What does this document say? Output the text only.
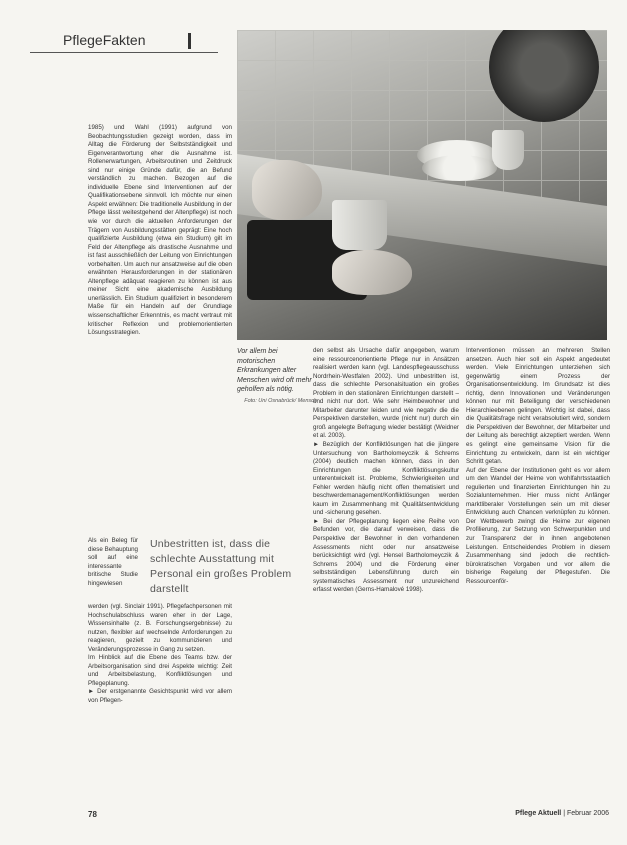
PflegeFakten
Vor allem bei motorischen Erkrankungen alter Menschen wird oft mehr geholfen als nötig.
Foto: Uni Osnabrück/ Mensch

1985) und Wahl (1991) aufgrund von Beobachtungsstudien gezeigt worden, dass im Alltag die Förderung der Selbstständigkeit und Eigenverantwortung eher die Ausnahme ist. Rollenerwartungen, Arbeitsroutinen und Zeitdruck sind nur einige Gründe dafür, die an Befund verständlich zu machen. Bezogen auf die individuelle Ebene sind Interventionen auf der Qualifikationsebene sinnvoll. Ich möchte nur einen Aspekt erwähnen: Die traditionelle Ausbildung in der Pflege lässt weitestgehend der Altenpflege) ist noch wie vor durch die aktuellen Anforderungen der Trägern von Ausbildungsstätten geprägt: Eine hoch qualifizierte Ausbildung (etwa ein Studium) gilt im Feld der Altenpflege als drastische Ausnahme und ist fast ausschließlich der Leitung von Einrichtungen vorbehalten. Um auch nur ansatzweise auf die oben erwähnten Herausforderungen in der stationären Altenpflege adäquat reagieren zu können ist aus meiner Sicht eine akademische Ausbildung unerlässlich. Ein Studium qualifiziert in besonderem Maße für ein Handeln auf der Grundlage wissenschaftlicher Erkenntnis, es macht vertraut mit kritischer Reflexion und problemorientierten Lösungsstrategien.

Als ein Beleg für diese Behauptung soll auf eine interessante britische Studie hingewiesen

Unbestritten ist, dass die schlechte Ausstattung mit Personal ein großes Problem darstellt

werden (vgl. Sinclair 1991). Pflegefachpersonen mit Hochschulabschluss waren eher in der Lage, Wissensinhalte (z. B. Forschungsergebnisse) zu nutzen, flexibler auf wechselnde Anforderungen zu reagieren, gezielt zu kommunizieren und Veränderungsprozesse in Gang zu setzen.

Im Hinblick auf die Ebene des Teams bzw. der Arbeitsorganisation sind drei Aspekte wichtig: Zeit und Arbeitsbelastung, Konfliktlösungen und Pflegeplanung.

► Der erstgenannte Gesichtspunkt wird vor allem von Pflegen-

den selbst als Ursache dafür angegeben, warum eine ressourcenorientierte Pflege nur in Ansätzen realisiert werden kann (vgl. Landespflegeausschuss Nordrhein-Westfalen 2002). Und unbestritten ist, dass die schlechte Personalsituation ein großes Problem in den stationären Einrichtungen darstellt – und nicht nur dort. Wie sehr Heimbewohner und Mitarbeiter darunter leiden und wie negativ die die Perspektiven darstellen, wurde (nicht nur) durch ein groß angelegte Befragung wieder bestätigt (Weidner et al. 2003).

► Bezüglich der Konfliktlösungen hat die jüngere Untersuchung von Bartholomeyczik & Schrems (2004) deutlich machen können, dass in den Einrichtungen die Konfliktlösungskultur unterentwickelt ist. Probleme, Schwierigkeiten und Fehler werden häufig nicht offen thematisiert und beschwerdemanagement/Konfliktlösungen werden kaum im Zusammenhang mit Qualitätsentwicklung und -sicherung gesehen.

► Bei der Pflegeplanung liegen eine Reihe von Befunden vor, die darauf verweisen, dass die Perspektive der Bewohner in den vorhandenen Assessments nicht oder nur ansatzweise berücksichtigt wird (vgl. Hensel Bartholomeyczik & Schrems 2004) und die Förderung einer selbstständigen Lebensführung durch ein systematisches Assessment nur unzureichend erfasst werden (Gerns-Hamalové 1998).

Interventionen müssen an mehreren Stellen ansetzen. Auch hier soll ein Aspekt angedeutet werden. Viele Einrichtungen unterziehen sich gegenwärtig einem Prozess der Organisationsentwicklung. Im Grundsatz ist dies richtig, denn Innovationen und Veränderungen können nur mit Beteiligung der verschiedenen Hierarchieebenen gelingen. Wichtig ist dabei, dass die Qualitätsfrage nicht verabsolutiert wird, sondern die Perspektiven der Bewohner, der Mitarbeiter und der Leitung als berechtigt akzeptiert werden. Wenn es gelingt eine gemeinsame Vision für die Einrichtung zu entwickeln, dann ist ein wichtiger Schritt getan.

Auf der Ebene der Institutionen geht es vor allem um den Wandel der Heime von wohlfahrtsstaatlich regulierten und finanzierten Einrichtungen hin zu Sozialunternehmen. Hier muss nicht Anfänger marktliberaler Vorstellungen sein um mit dieser Entwicklung auch Chancen verknüpfen zu können. Der Wettbewerb zwingt die Heime zur eigenen Profilierung, zur Setzung von Schwerpunkten und zur Transparenz der in ihnen angebotenen Leistungen. Entscheidendes Problem in diesem Zusammenhang sind jedoch die rechtlich-bürokratischen Vorgaben und vor allem die bisherige Regelung der Pflegestufen. Die Ressourcenför-

78	Pflege Aktuell | Februar 2006
